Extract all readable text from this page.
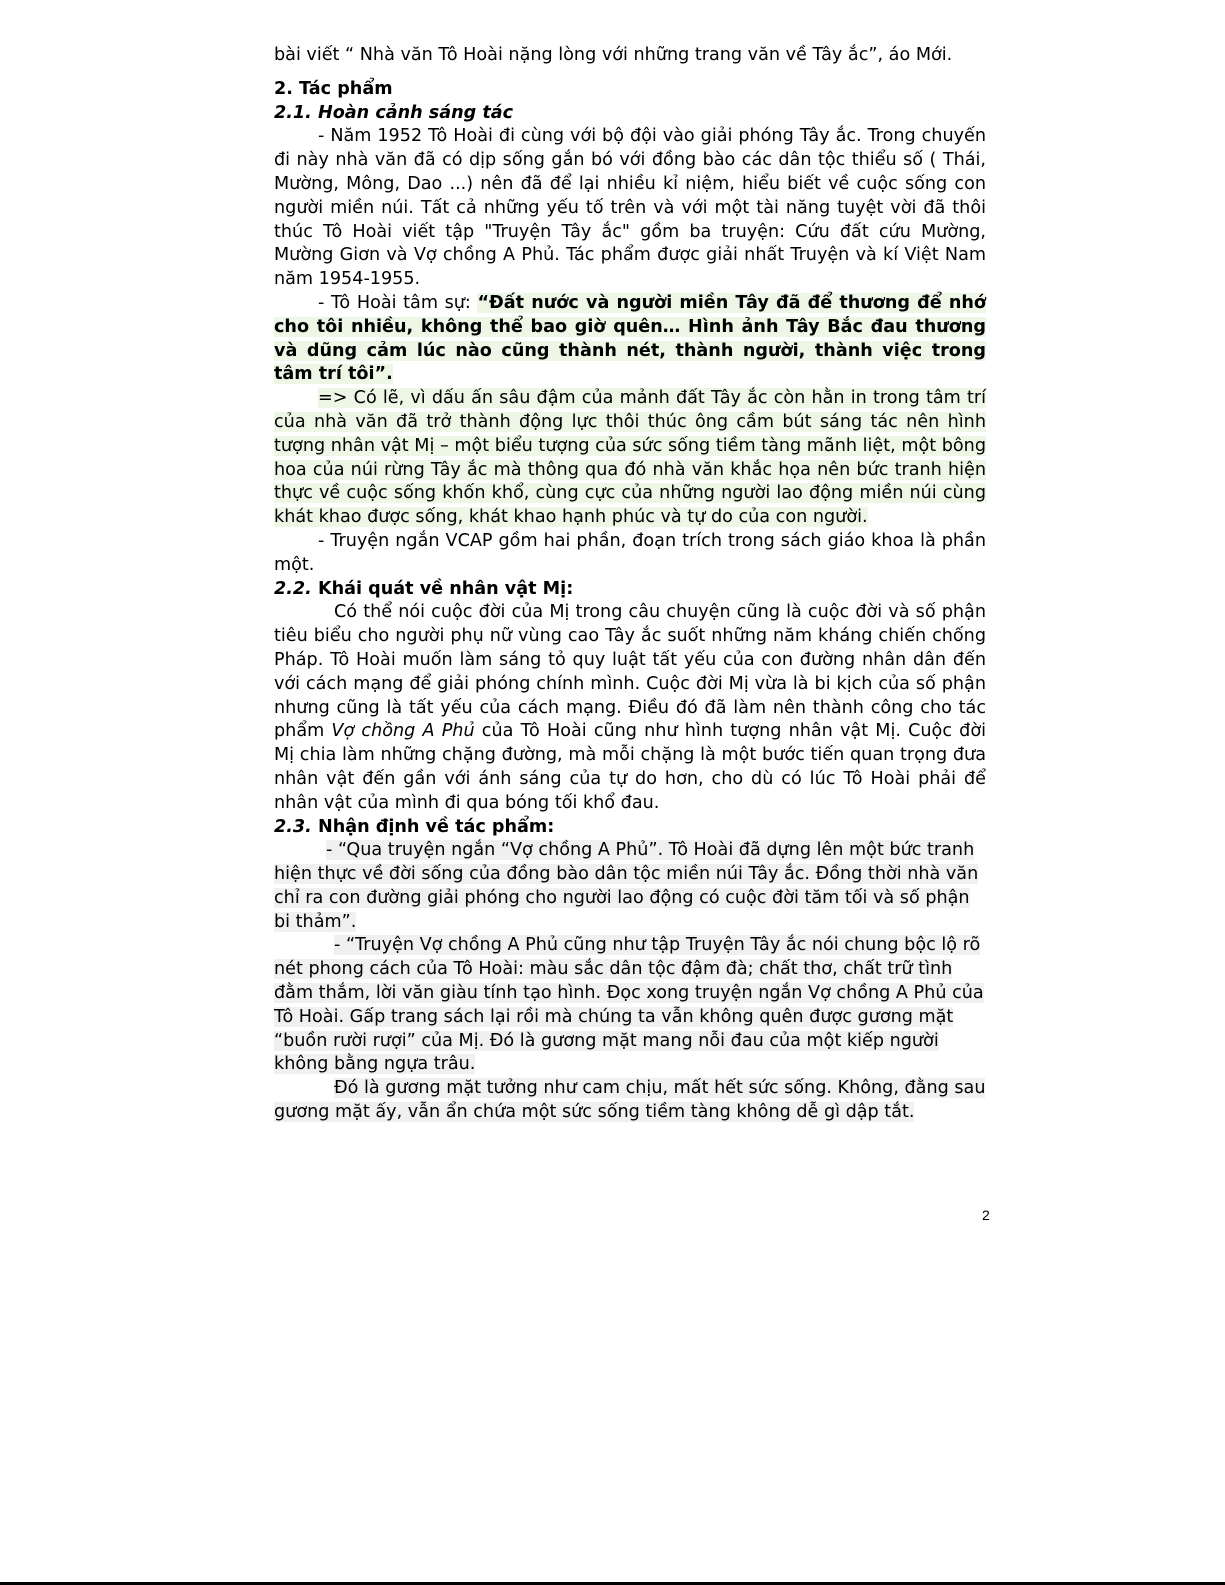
bài viết “ Nhà văn Tô Hoài nặng lòng với những trang văn về Tây ắc”, áo Mới.

2. Tác phẩm

2.1. Hoàn cảnh sáng tác

- Năm 1952 Tô Hoài đi cùng với bộ đội vào giải phóng Tây ắc. Trong chuyến đi này nhà văn đã có dịp sống gắn bó với đồng bào các dân tộc thiểu số ( Thái, Mường, Mông, Dao ...) nên đã để lại nhiều kỉ niệm, hiểu biết về cuộc sống con người miền núi. Tất cả những yếu tố trên và với một tài năng tuyệt vời đã thôi thúc Tô Hoài viết tập "Truyện Tây ắc" gồm ba truyện: Cứu đất cứu Mường, Mường Giơn và Vợ chồng A Phủ. Tác phẩm được giải nhất Truyện và kí Việt Nam năm 1954-1955.

- Tô Hoài tâm sự: “Đất nước và người miền Tây đã để thương để nhớ cho tôi nhiều, không thể bao giờ quên… Hình ảnh Tây Bắc đau thương và dũng cảm lúc nào cũng thành nét, thành người, thành việc trong tâm trí tôi”.

=> Có lẽ, vì dấu ấn sâu đậm của mảnh đất Tây ắc còn hằn in trong tâm trí của nhà văn đã trở thành động lực thôi thúc ông cầm bút sáng tác nên hình tượng nhân vật Mị – một biểu tượng của sức sống tiềm tàng mãnh liệt, một bông hoa của núi rừng Tây ắc mà thông qua đó nhà văn khắc họa nên bức tranh hiện thực về cuộc sống khốn khổ, cùng cực của những người lao động miền núi cùng khát khao được sống, khát khao hạnh phúc và tự do của con người.

- Truyện ngắn VCAP gồm hai phần, đoạn trích trong sách giáo khoa là phần một.

2.2. Khái quát về nhân vật Mị:

Có thể nói cuộc đời của Mị trong câu chuyện cũng là cuộc đời và số phận tiêu biểu cho người phụ nữ vùng cao Tây ắc suốt những năm kháng chiến chống Pháp. Tô Hoài muốn làm sáng tỏ quy luật tất yếu của con đường nhân dân đến với cách mạng để giải phóng chính mình. Cuộc đời Mị vừa là bi kịch của số phận nhưng cũng là tất yếu của cách mạng. Điều đó đã làm nên thành công cho tác phẩm Vợ chồng A Phủ của Tô Hoài cũng như hình tượng nhân vật Mị. Cuộc đời Mị chia làm những chặng đường, mà mỗi chặng là một bước tiến quan trọng đưa nhân vật đến gần với ánh sáng của tự do hơn, cho dù có lúc Tô Hoài phải để nhân vật của mình đi qua bóng tối khổ đau.

2.3. Nhận định về tác phẩm:

- “Qua truyện ngắn “Vợ chồng A Phủ”. Tô Hoài đã dựng lên một bức tranh hiện thực về đời sống của đồng bào dân tộc miền núi Tây ắc. Đồng thời nhà văn chỉ ra con đường giải phóng cho người lao động có cuộc đời tăm tối và số phận bi thảm”.

- “Truyện Vợ chồng A Phủ cũng như tập Truyện Tây ắc nói chung bộc lộ rõ nét phong cách của Tô Hoài: màu sắc dân tộc đậm đà; chất thơ, chất trữ tình đằm thắm, lời văn giàu tính tạo hình. Đọc xong truyện ngắn Vợ chồng A Phủ của Tô Hoài. Gấp trang sách lại rồi mà chúng ta vẫn không quên được gương mặt “buồn rười rượi” của Mị. Đó là gương mặt mang nỗi đau của một kiếp người không bằng ngựa trâu.

Đó là gương mặt tưởng như cam chịu, mất hết sức sống. Không, đằng sau gương mặt ấy, vẫn ẩn chứa một sức sống tiềm tàng không dễ gì dập tắt.

2
